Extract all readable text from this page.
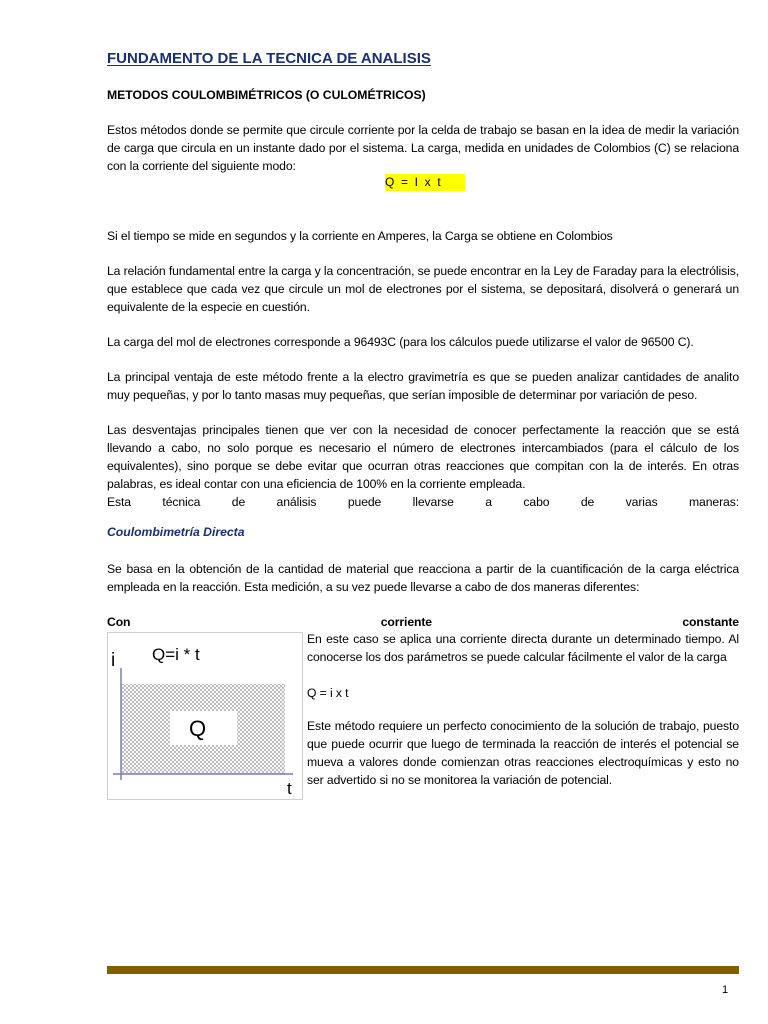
FUNDAMENTO DE LA TECNICA DE ANALISIS
METODOS COULOMBIMÉTRICOS (O CULOMÉTRICOS)
Estos métodos donde se permite que circule corriente por la celda de trabajo se basan en la idea de medir la variación de carga que circula en un instante dado por el sistema. La carga, medida en unidades de Colombios (C) se relaciona con la corriente del siguiente modo:
Q  =  I  x  t
Si el tiempo se mide en segundos y la corriente en Amperes, la Carga se obtiene en Colombios
La relación fundamental entre la carga y la concentración, se puede encontrar en la Ley de Faraday para la electrólisis, que establece que cada vez que circule un mol de electrones por el sistema, se depositará, disolverá o generará un equivalente de la especie en cuestión.
La carga del mol de electrones corresponde a 96493C (para los cálculos puede utilizarse el valor de 96500 C).
La principal ventaja de este método frente a la electro gravimetría es que se pueden analizar cantidades de analito muy pequeñas, y por lo tanto masas muy pequeñas, que serían imposible de determinar por variación de peso.
Las desventajas principales tienen que ver con la necesidad de conocer perfectamente la reacción que se está llevando a cabo, no solo porque es necesario el número de electrones intercambiados (para el cálculo de los equivalentes), sino porque se debe evitar que ocurran otras reacciones que compitan con la de interés. En otras palabras, es ideal contar con una eficiencia de 100% en la corriente empleada.
Esta técnica de análisis puede llevarse a cabo de varias maneras:
Coulombimetría Directa
Se basa en la obtención de la cantidad de material que reacciona a partir de la cuantificación de la carga eléctrica empleada en la reacción. Esta medición, a su vez puede llevarse a cabo de dos maneras diferentes:
Con corriente constante
En este caso se aplica una corriente directa durante un determinado tiempo. Al conocerse los dos parámetros se puede calcular fácilmente el valor de la carga
Q = i x t
Este método requiere un perfecto conocimiento de la solución de trabajo, puesto que puede ocurrir que luego de terminada la reacción de interés el potencial se mueva a valores donde comienzan otras reacciones electroquímicas y esto no ser advertido si no se monitorea la variación de potencial.
i Q=i * t
Q
t
1
